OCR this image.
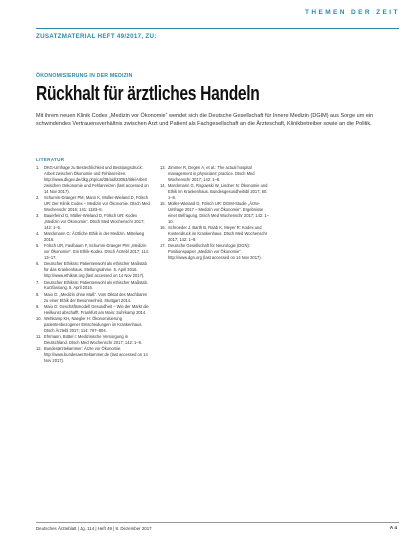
THEMEN DER ZEIT
ZUSATZMATERIAL HEFT 49/2017, ZU:
ÖKONOMISIERUNG IN DER MEDIZIN
Rückhalt für ärztliches Handeln
Mit ihrem neuen Klinik Codex „Medizin vor Ökonomie“ wendet sich die Deutsche Gesellschaft für Innere Medizin (DGIM) aus Sorge um ein schwindendes Vertrauensverhältnis zwischen Arzt und Patient als Fachgesellschaft an die Ärzteschaft, Klinikbetreiber sowie an die Politik.
LITERATUR
1. DKG-Umfrage zu Bestechlichkeit und Beratungsdruck: Arbeit zwischen Ökonomie und Fehlanreizen. http://www.dkgev.de/dkg.php/cat/38/aid/23063/title/Arbeit zwischen Oekonomie und Fehlanreizen (last accessed on 14 Nov 2017).
2. Schumm-Draeger PM, Mann K, Müller-Wieland D, Fölsch UR: Der Klinik Codex – Medizin vor Ökonomie. Dtsch Med Wochenschr 2016; 141: 1183–5.
3. Bauerfeind G, Müller-Wieland D, Fölsch UR: Kodex „Medizin vor Ökonomie“. Dtsch Med Wochenschr 2017; 142: 1–5.
4. Marckmann G: Ärztliche Ethik in der Medizin. Mittelweg 2016.
5. Fölsch UR, Faulbaum F, Schumm-Draeger PM: „Medizin vor Ökonomie“. Ein Ethik-Kodex. Dtsch Ärztebl 2017; 114: 13–17.
6. Deutscher Ethikrat: Patientenwohl als ethischer Maßstab für das Krankenhaus. Stellungnahme. 5. April 2016. http://www.ethikrat.org (last accessed on 14 Nov 2017).
7. Deutscher Ethikrat: Patientenwohl als ethischer Maßstab. Kurzfassung. 5. April 2016.
8. Maio G: „Medizin ohne Maß“. Vom Diktat des Machbaren zu einer Ethik der Besonnenheit. Stuttgart 2014.
9. Maio G: Geschäftsmodell Gesundheit – Wie der Markt die Heilkunst abschafft. Frankfurt am Main: Suhrkamp 2014.
10. Wehkamp KH, Naegler H: Ökonomisierung patientenbezogener Entscheidungen im Krankenhaus. Dtsch Ärztebl 2017; 114: 797–804.
11. Ehrmann, Büttel I: Medizinische Versorgung in Deutschland. Dtsch Med Wochenschr 2017; 142: 1–9.
12. Bundesärztekammer: Ärzte vor Ökonomie. http://www.bundesaerztekammer.de (last accessed on 14 Nov 2017).
13. Zimmer R, Degen A, et al.: The actual hospital management in physicians' practice. Dtsch Med Wochenschr 2017; 142: 1–8.
14. Marckmann G, Rogowski W, Lindner N: Ökonomie und Ethik im Krankenhaus. Bundesgesundheitsbl 2017; 60: 1–8.
15. Müller-Wieland D, Fölsch UR: DGIM-Studie „Ärzte-Umfrage 2017 – Medizin vor Ökonomie“. Ergebnisse einer Befragung. Dtsch Med Wochenschr 2017; 142: 1–10.
16. Schroeder J, Barth B, Raab K, Meyer R: Kodex und Kostendruck im Krankenhaus. Dtsch Med Wochenschr 2017; 142: 1–9.
17. Deutsche Gesellschaft für Neurologie (DGN): Positionspapier „Medizin vor Ökonomie“. http://www.dgn.org (last accessed on 14 Nov 2017).
Deutsches Ärzteblatt | Jg. 114 | Heft 49 | 8. Dezember 2017	A 4
